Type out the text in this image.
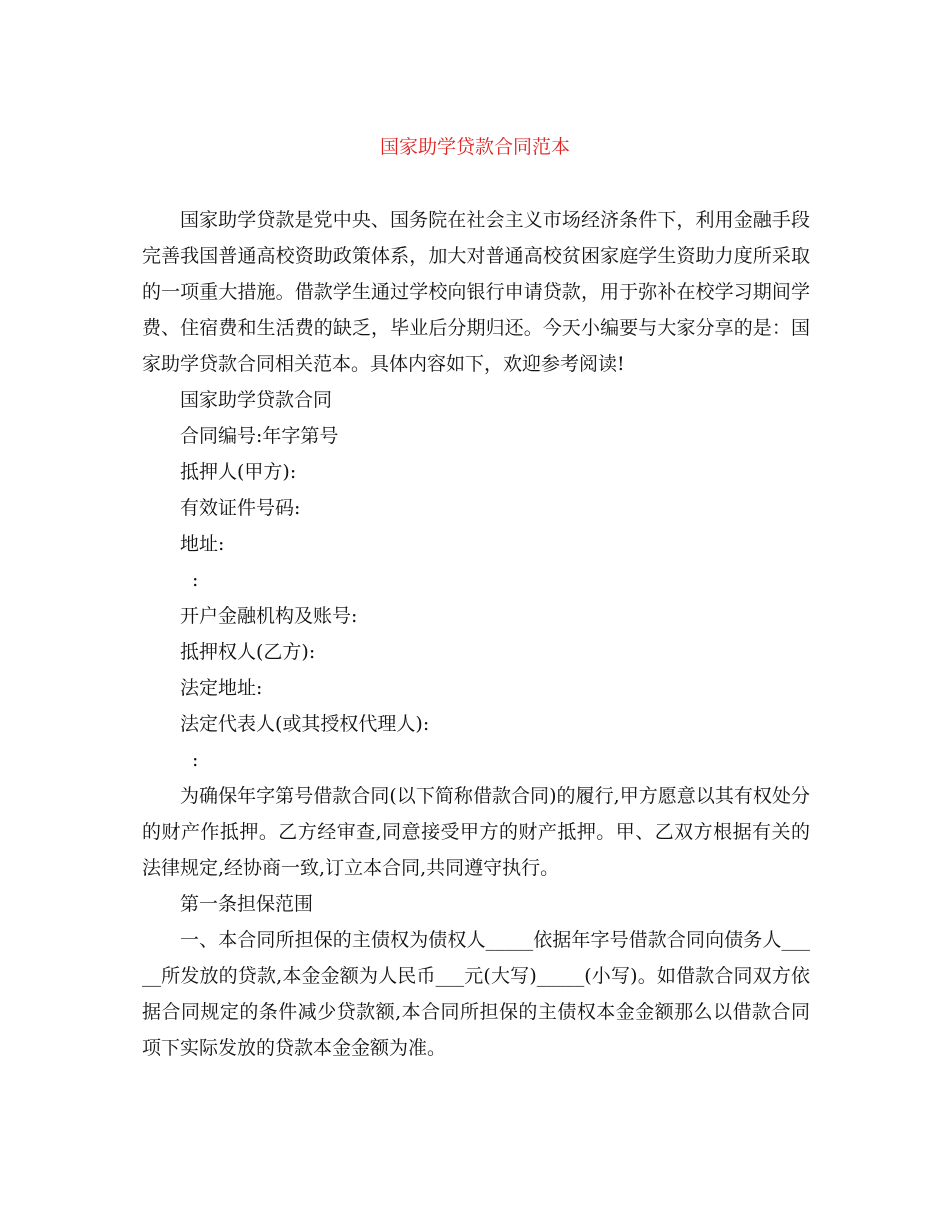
国家助学贷款合同范本

国家助学贷款是党中央、国务院在社会主义市场经济条件下，利用金融手段完善我国普通高校资助政策体系，加大对普通高校贫困家庭学生资助力度所采取的一项重大措施。借款学生通过学校向银行申请贷款，用于弥补在校学习期间学费、住宿费和生活费的缺乏，毕业后分期归还。今天小编要与大家分享的是：国家助学贷款合同相关范本。具体内容如下，欢迎参考阅读!

国家助学贷款合同

合同编号:年字第号

抵押人(甲方):

有效证件号码:

地址:

:

开户金融机构及账号:

抵押权人(乙方):

法定地址:

法定代表人(或其授权代理人):

:

为确保年字第号借款合同(以下简称借款合同)的履行,甲方愿意以其有权处分的财产作抵押。乙方经审查,同意接受甲方的财产抵押。甲、乙双方根据有关的法律规定,经协商一致,订立本合同,共同遵守执行。

第一条担保范围

一、本合同所担保的主债权为债权人_____依据年字号借款合同向债务人_____所发放的贷款,本金金额为人民币___元(大写)_____(小写)。如借款合同双方依据合同规定的条件减少贷款额,本合同所担保的主债权本金金额那么以借款合同项下实际发放的贷款本金金额为准。
